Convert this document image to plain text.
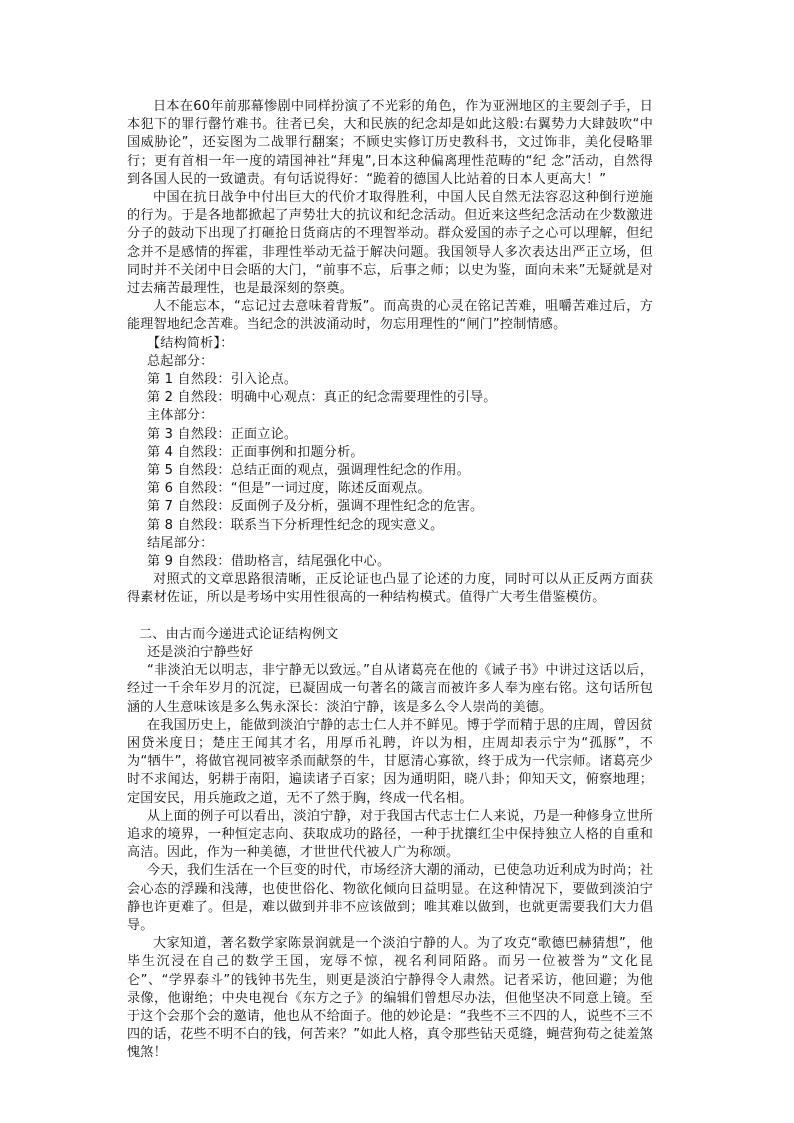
日本在60年前那幕惨剧中同样扮演了不光彩的角色，作为亚洲地区的主要刽子手，日本犯下的罪行罄竹难书。往者已矣，大和民族的纪念却是如此这般:右翼势力大肆鼓吹“中国威胁论”，还妄图为二战罪行翻案；不顾史实修订历史教科书，文过饰非，美化侵略罪行；更有首相一年一度的靖国神社“拜鬼”,日本这种偏离理性范畴的“纪 念”活动，自然得到各国人民的一致谴责。有句话说得好：“跪着的德国人比站着的日本人更高大！”

中国在抗日战争中付出巨大的代价才取得胜利，中国人民自然无法容忍这种倒行逆施的行为。于是各地都掀起了声势壮大的抗议和纪念活动。但近来这些纪念活动在少数激进分子的鼓动下出现了打砸抢日货商店的不理智举动。群众爱国的赤子之心可以理解，但纪念并不是感情的挥霍，非理性举动无益于解决问题。我国领导人多次表达出严正立场，但同时并不关闭中日会晤的大门，“前事不忘，后事之师；以史为鉴，面向未来”无疑就是对过去痛苦最理性，也是最深刻的祭奠。

人不能忘本，“忘记过去意味着背叛”。而高贵的心灵在铭记苦难，咀嚼苦难过后，方能理智地纪念苦难。当纪念的洪波涌动时，勿忘用理性的“闸门”控制情感。

【结构简析】：

总起部分：

第 1 自然段：引入论点。

第 2 自然段：明确中心观点：真正的纪念需要理性的引导。

主体部分：

第 3 自然段：正面立论。

第 4 自然段：正面事例和扣题分析。

第 5 自然段：总结正面的观点，强调理性纪念的作用。

第 6 自然段：“但是”一词过度，陈述反面观点。

第 7 自然段：反面例子及分析，强调不理性纪念的危害。

第 8 自然段：联系当下分析理性纪念的现实意义。

结尾部分：

第 9 自然段：借助格言，结尾强化中心。

对照式的文章思路很清晰，正反论证也凸显了论述的力度，同时可以从正反两方面获得素材佐证，所以是考场中实用性很高的一种结构模式。值得广大考生借鉴模仿。

二、由古而今递进式论证结构例文

还是淡泊宁静些好

“非淡泊无以明志，非宁静无以致远。”自从诸葛亮在他的《诫子书》中讲过这话以后，经过一千余年岁月的沉淀，已凝固成一句著名的箴言而被许多人奉为座右铭。这句话所包涵的人生意味该是多么隽永深长：淡泊宁静，该是多么令人崇尚的美德。

在我国历史上，能做到淡泊宁静的志士仁人并不鲜见。博于学而精于思的庄周，曾因贫困贷米度日；楚庄王闻其才名，用厚币礼聘，许以为相，庄周却表示宁为“孤豚”，不为“牺牛”，将做官视同被宰杀而献祭的牛，甘愿清心寡欲，终于成为一代宗师。诸葛亮少时不求闻达，躬耕于南阳，遍读诸子百家；因为通明阳，晓八卦；仰知天文，俯察地理；定国安民，用兵施政之道，无不了然于胸，终成一代名相。

从上面的例子可以看出，淡泊宁静，对于我国古代志士仁人来说，乃是一种修身立世所追求的境界，一种恒定志向、获取成功的路径，一种于扰攘红尘中保持独立人格的自重和高洁。因此，作为一种美德，才世世代代被人广为称颂。

今天，我们生活在一个巨变的时代，市场经济大潮的涌动，已使急功近利成为时尚；社会心态的浮躁和浅薄，也使世俗化、物欲化倾向日益明显。在这种情况下，要做到淡泊宁静也许更难了。但是，难以做到并非不应该做到；唯其难以做到，也就更需要我们大力倡导。

大家知道，著名数学家陈景润就是一个淡泊宁静的人。为了攻克“歌德巴赫猜想”，他毕生沉浸在自己的数学王国，宠辱不惊，视名利同陌路。而另一位被誉为“文化昆仑”、“学界泰斗”的钱钟书先生，则更是淡泊宁静得令人肃然。记者采访，他回避；为他录像，他谢绝；中央电视台《东方之子》的编辑们曾想尽办法，但他坚决不同意上镜。至于这个会那个会的邀请，他也从不给面子。他的妙论是：“我些不三不四的人，说些不三不四的话，花些不明不白的钱，何苦来？”如此人格，真令那些钻天觅缝，蝇营狗苟之徒羞煞愧煞！
